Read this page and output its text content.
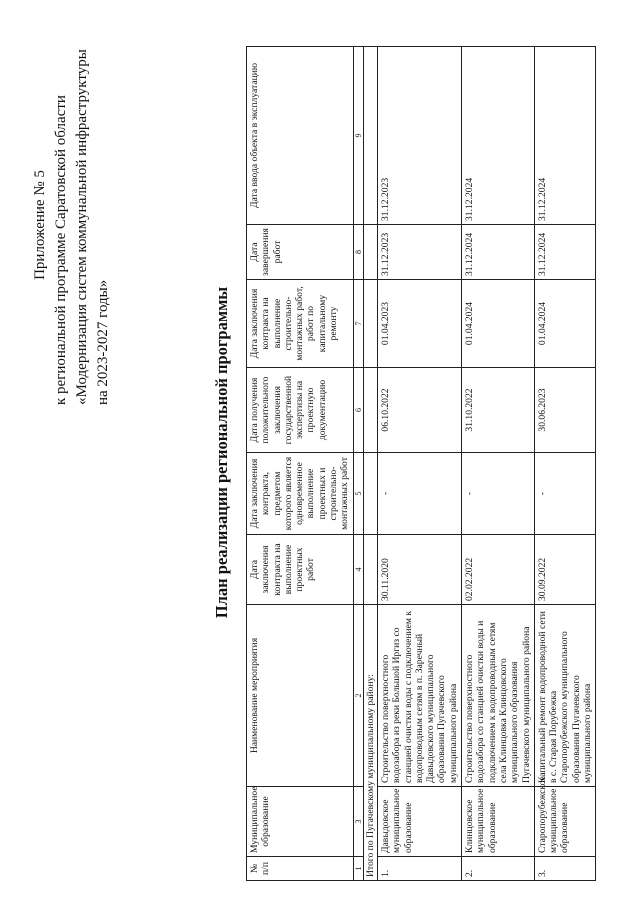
Приложение № 5 к региональной программе Саратовской области «Модернизация систем коммунальной инфраструктуры на 2023-2027 годы»	План реализации региональной программы
№ п/п	Муниципальное образование	Наименование мероприятия	Дата заключения контракта на выполнение проектных работ	Дата заключения контракта, предметом которого является одновременное выполнение проектных и строительно-монтажных работ	Дата получения положительного заключения государственной экспертизы на проектную документацию	Дата заключения контракта на выполнение строительно-монтажных работ, работ по капитальному ремонту	Дата завершения работ	Дата ввода объекта в эксплуатацию
1	3	2	4	5	6	7	8	9
Итого по Пугачевскому муниципальному району:								
1.	Давыдовское муниципальное образование	Строительство поверхностного водозабора из реки Большой Иргиз со станцией очистки воды с подключением к водопроводным сетям в п. Заречный Давыдовского муниципального образования Пугачевского муниципального района	30.11.2020	-	06.10.2022	01.04.2023	31.12.2023	31.12.2023
2.	Клинцовское муниципальное образование	Строительство поверхностного водозабора со станцией очистки воды и подключением к водопроводным сетям села Клинцовка Клинцовского муниципального образования Пугачевского муниципального района	02.02.2022	-	31.10.2022	01.04.2024	31.12.2024	31.12.2024
3.	Старопорубежское муниципальное образование	Капитальный ремонт водопроводной сети в с. Старая Порубежка Старопорубежского муниципального образования Пугачевского муниципального района	30.09.2022	-	30.06.2023	01.04.2024	31.12.2024	31.12.2024
